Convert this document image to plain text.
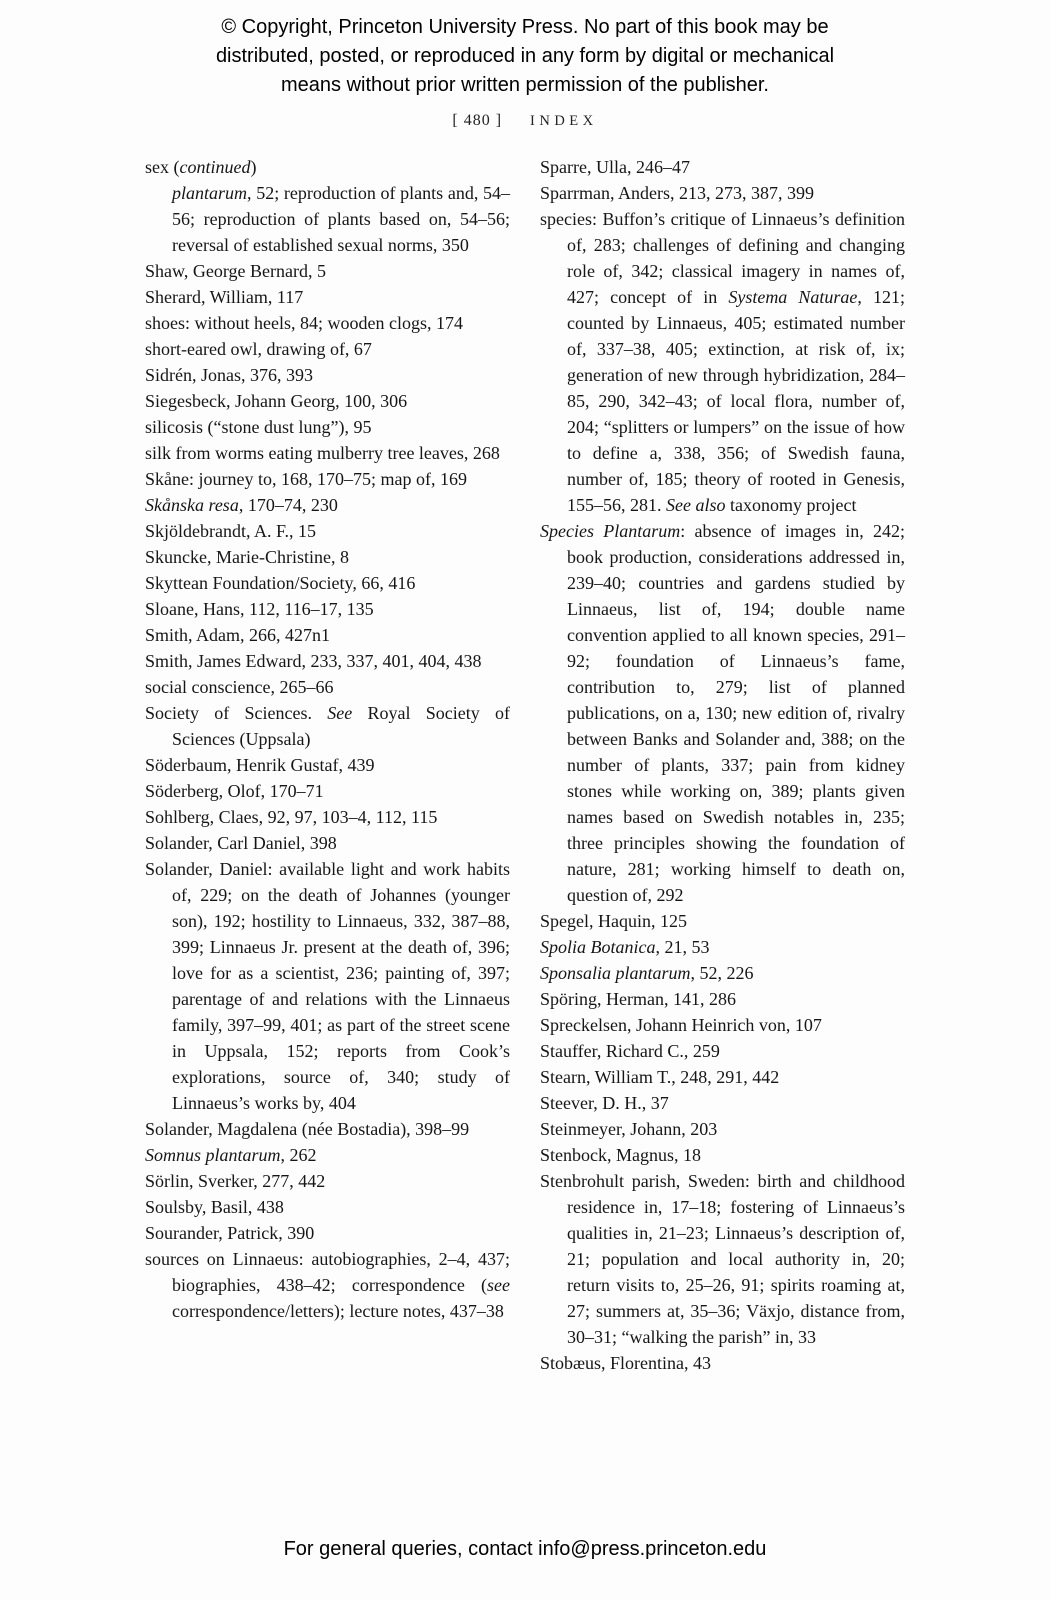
© Copyright, Princeton University Press. No part of this book may be
distributed, posted, or reproduced in any form by digital or mechanical
means without prior written permission of the publisher.
[ 480 ] INDEX

sex (continued)

plantarum, 52; reproduction of plants and, 54–56; reproduction of plants based on, 54–56; reversal of established sexual norms, 350

Shaw, George Bernard, 5

Sherard, William, 117

shoes: without heels, 84; wooden clogs, 174

short-eared owl, drawing of, 67

Sidrén, Jonas, 376, 393

Siegesbeck, Johann Georg, 100, 306

silicosis (“stone dust lung”), 95

silk from worms eating mulberry tree leaves, 268

Skåne: journey to, 168, 170–75; map of, 169

Skånska resa, 170–74, 230

Skjöldebrandt, A. F., 15

Skuncke, Marie-Christine, 8

Skyttean Foundation/Society, 66, 416

Sloane, Hans, 112, 116–17, 135

Smith, Adam, 266, 427n1

Smith, James Edward, 233, 337, 401, 404, 438

social conscience, 265–66

Society of Sciences. See Royal Society of Sciences (Uppsala)

Söderbaum, Henrik Gustaf, 439

Söderberg, Olof, 170–71

Sohlberg, Claes, 92, 97, 103–4, 112, 115

Solander, Carl Daniel, 398

Solander, Daniel: available light and work habits of, 229; on the death of Johannes (younger son), 192; hostility to Linnaeus, 332, 387–88, 399; Linnaeus Jr. present at the death of, 396; love for as a scientist, 236; painting of, 397; parentage of and relations with the Linnaeus family, 397–99, 401; as part of the street scene in Uppsala, 152; reports from Cook’s explorations, source of, 340; study of Linnaeus’s works by, 404

Solander, Magdalena (née Bostadia), 398–99

Somnus plantarum, 262

Sörlin, Sverker, 277, 442

Soulsby, Basil, 438

Sourander, Patrick, 390

sources on Linnaeus: autobiographies, 2–4, 437; biographies, 438–42; correspondence (see correspondence/letters); lecture notes, 437–38

Sparre, Ulla, 246–47

Sparrman, Anders, 213, 273, 387, 399

species: Buffon’s critique of Linnaeus’s definition of, 283; challenges of defining and changing role of, 342; classical imagery in names of, 427; concept of in Systema Naturae, 121; counted by Linnaeus, 405; estimated number of, 337–38, 405; extinction, at risk of, ix; generation of new through hybridization, 284–85, 290, 342–43; of local flora, number of, 204; “splitters or lumpers” on the issue of how to define a, 338, 356; of Swedish fauna, number of, 185; theory of rooted in Genesis, 155–56, 281. See also taxonomy project

Species Plantarum: absence of images in, 242; book production, considerations addressed in, 239–40; countries and gardens studied by Linnaeus, list of, 194; double name convention applied to all known species, 291–92; foundation of Linnaeus’s fame, contribution to, 279; list of planned publications, on a, 130; new edition of, rivalry between Banks and Solander and, 388; on the number of plants, 337; pain from kidney stones while working on, 389; plants given names based on Swedish notables in, 235; three principles showing the foundation of nature, 281; working himself to death on, question of, 292

Spegel, Haquin, 125

Spolia Botanica, 21, 53

Sponsalia plantarum, 52, 226

Spöring, Herman, 141, 286

Spreckelsen, Johann Heinrich von, 107

Stauffer, Richard C., 259

Stearn, William T., 248, 291, 442

Steever, D. H., 37

Steinmeyer, Johann, 203

Stenbock, Magnus, 18

Stenbrohult parish, Sweden: birth and childhood residence in, 17–18; fostering of Linnaeus’s qualities in, 21–23; Linnaeus’s description of, 21; population and local authority in, 20; return visits to, 25–26, 91; spirits roaming at, 27; summers at, 35–36; Växjo, distance from, 30–31; “walking the parish” in, 33

Stobæus, Florentina, 43

For general queries, contact info@press.princeton.edu
